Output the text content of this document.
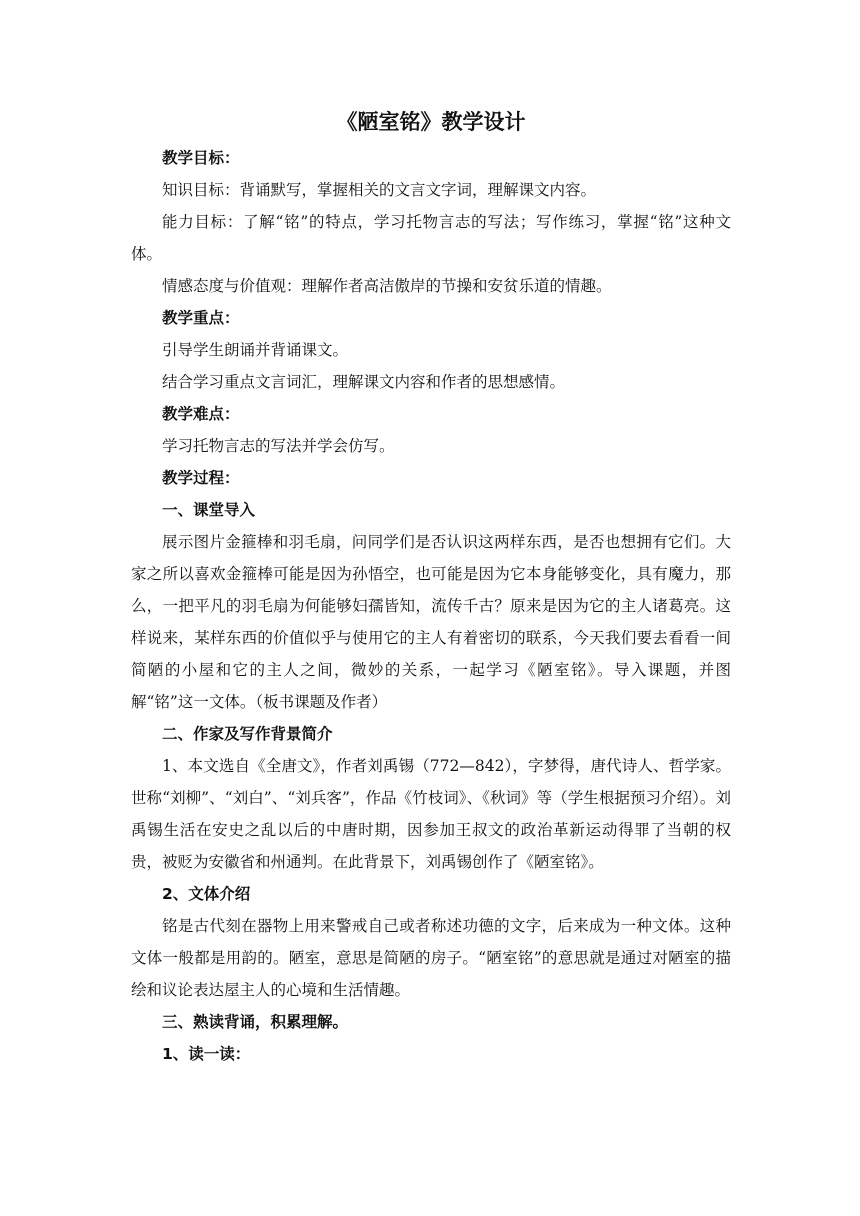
《陋室铭》教学设计

教学目标：

知识目标：背诵默写，掌握相关的文言文字词，理解课文内容。

能力目标：了解“铭”的特点，学习托物言志的写法；写作练习，掌握“铭”这种文体。

情感态度与价值观：理解作者高洁傲岸的节操和安贫乐道的情趣。

教学重点：

引导学生朗诵并背诵课文。

结合学习重点文言词汇，理解课文内容和作者的思想感情。

教学难点：

学习托物言志的写法并学会仿写。

教学过程：

一、课堂导入

展示图片金箍棒和羽毛扇，问同学们是否认识这两样东西，是否也想拥有它们。大家之所以喜欢金箍棒可能是因为孙悟空，也可能是因为它本身能够变化，具有魔力，那么，一把平凡的羽毛扇为何能够妇孺皆知，流传千古？原来是因为它的主人诸葛亮。这样说来，某样东西的价值似乎与使用它的主人有着密切的联系，今天我们要去看看一间简陋的小屋和它的主人之间，微妙的关系，一起学习《陋室铭》。导入课题，并图解“铭”这一文体。（板书课题及作者）

二、作家及写作背景简介

1、本文选自《全唐文》，作者刘禹锡（772—842），字梦得，唐代诗人、哲学家。世称“刘柳”、“刘白”、“刘兵客”，作品《竹枝词》、《秋词》等（学生根据预习介绍）。刘禹锡生活在安史之乱以后的中唐时期，因参加王叔文的政治革新运动得罪了当朝的权贵，被贬为安徽省和州通判。在此背景下，刘禹锡创作了《陋室铭》。

2、文体介绍

铭是古代刻在器物上用来警戒自己或者称述功德的文字，后来成为一种文体。这种文体一般都是用韵的。陋室，意思是简陋的房子。“陋室铭”的意思就是通过对陋室的描绘和议论表达屋主人的心境和生活情趣。

三、熟读背诵，积累理解。

1、读一读：
